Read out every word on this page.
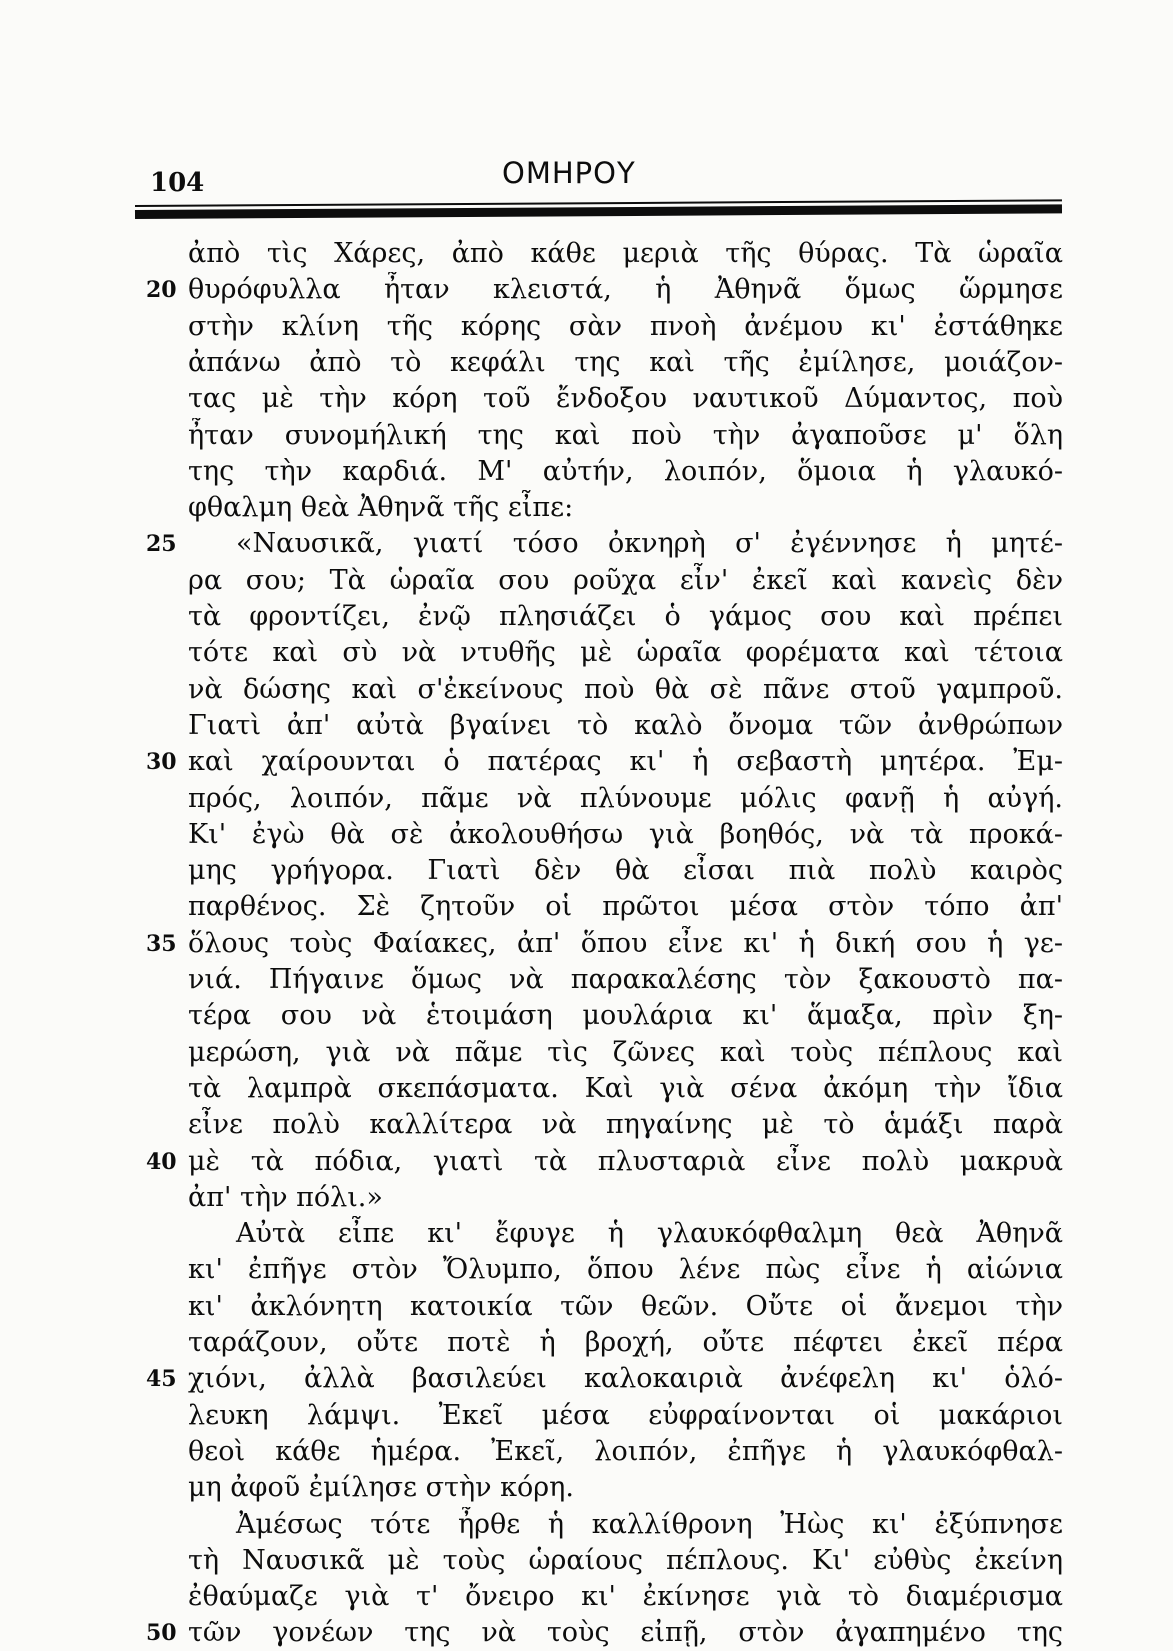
104	ΟΜΗΡΟΥ
ἀπὸ τὶς Χάρες, ἀπὸ κάθε μεριὰ τῆς θύρας. Τὰ ὡραῖα
θυρόφυλλα ἦταν κλειστά, ἡ Ἀθηνᾶ ὅμως ὥρμησε
20
στὴν κλίνη τῆς κόρης σὰν πνοὴ ἀνέμου κι' ἐστάθηκε
ἀπάνω ἀπὸ τὸ κεφάλι της καὶ τῆς ἐμίλησε, μοιάζον-
τας μὲ τὴν κόρη τοῦ ἔνδοξου ναυτικοῦ Δύμαντος, ποὺ
ἦταν συνομήλική της καὶ ποὺ τὴν ἀγαποῦσε μ' ὅλη
της τὴν καρδιά. Μ' αὐτήν, λοιπόν, ὅμοια ἡ γλαυκό-
φθαλμη θεὰ Ἀθηνᾶ τῆς εἶπε:
«Ναυσικᾶ, γιατί τόσο ὀκνηρὴ σ' ἐγέννησε ἡ μητέ-
25
ρα σου; Τὰ ὡραῖα σου ροῦχα εἶν' ἐκεῖ καὶ κανεὶς δὲν
τὰ φροντίζει, ἐνῷ πλησιάζει ὁ γάμος σου καὶ πρέπει
τότε καὶ σὺ νὰ ντυθῆς μὲ ὡραῖα φορέματα καὶ τέτοια
νὰ δώσης καὶ σ'ἐκείνους ποὺ θὰ σὲ πᾶνε στοῦ γαμπροῦ.
Γιατὶ ἀπ' αὐτὰ βγαίνει τὸ καλὸ ὄνομα τῶν ἀνθρώπων
καὶ χαίρουνται ὁ πατέρας κι' ἡ σεβαστὴ μητέρα. Ἐμ-
30
πρός, λοιπόν, πᾶμε νὰ πλύνουμε μόλις φανῇ ἡ αὐγή.
Κι' ἐγὼ θὰ σὲ ἀκολουθήσω γιὰ βοηθός, νὰ τὰ προκά-
μης γρήγορα. Γιατὶ δὲν θὰ εἶσαι πιὰ πολὺ καιρὸς
παρθένος. Σὲ ζητοῦν οἱ πρῶτοι μέσα στὸν τόπο ἀπ'
ὅλους τοὺς Φαίακες, ἀπ' ὅπου εἶνε κι' ἡ δική σου ἡ γε-
35
νιά. Πήγαινε ὅμως νὰ παρακαλέσης τὸν ξακουστὸ πα-
τέρα σου νὰ ἑτοιμάση μουλάρια κι' ἅμαξα, πρὶν ξη-
μερώση, γιὰ νὰ πᾶμε τὶς ζῶνες καὶ τοὺς πέπλους καὶ
τὰ λαμπρὰ σκεπάσματα. Καὶ γιὰ σένα ἀκόμη τὴν ἴδια
εἶνε πολὺ καλλίτερα νὰ πηγαίνης μὲ τὸ ἁμάξι παρὰ
μὲ τὰ πόδια, γιατὶ τὰ πλυσταριὰ εἶνε πολὺ μακρυὰ
40
ἀπ' τὴν πόλι.»
Αὐτὰ εἶπε κι' ἔφυγε ἡ γλαυκόφθαλμη θεὰ Ἀθηνᾶ
κι' ἐπῆγε στὸν Ὄλυμπο, ὅπου λένε πὼς εἶνε ἡ αἰώνια
κι' ἀκλόνητη κατοικία τῶν θεῶν. Οὔτε οἱ ἄνεμοι τὴν
ταράζουν, οὔτε ποτὲ ἡ βροχή, οὔτε πέφτει ἐκεῖ πέρα
χιόνι, ἀλλὰ βασιλεύει καλοκαιριὰ ἀνέφελη κι' ὁλό-
45
λευκη λάμψι. Ἐκεῖ μέσα εὐφραίνονται οἱ μακάριοι
θεοὶ κάθε ἡμέρα. Ἐκεῖ, λοιπόν, ἐπῆγε ἡ γλαυκόφθαλ-
μη ἀφοῦ ἐμίλησε στὴν κόρη.
Ἀμέσως τότε ἦρθε ἡ καλλίθρονη Ἠὼς κι' ἐξύπνησε
τὴ Ναυσικᾶ μὲ τοὺς ὡραίους πέπλους. Κι' εὐθὺς ἐκείνη
ἐθαύμαζε γιὰ τ' ὄνειρο κι' ἐκίνησε γιὰ τὸ διαμέρισμα
τῶν γονέων της νὰ τοὺς εἰπῇ, στὸν ἀγαπημένο της
50
